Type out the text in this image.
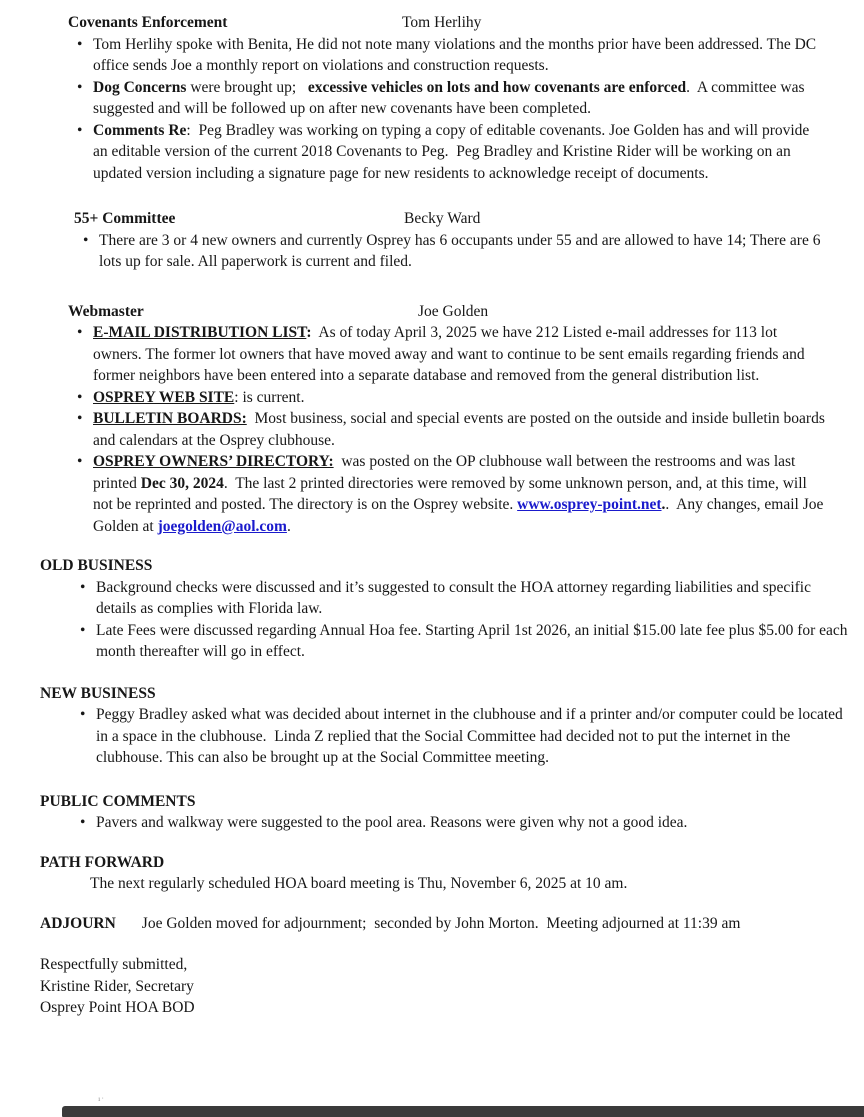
Covenants Enforcement	Tom Herlihy
• Tom Herlihy spoke with Benita, He did not note many violations and the months prior have been addressed. The DC office sends Joe a monthly report on violations and construction requests.
• Dog Concerns were brought up;   excessive vehicles on lots and how covenants are enforced.  A committee was suggested and will be followed up on after new covenants have been completed.
• Comments Re:  Peg Bradley was working on typing a copy of editable covenants. Joe Golden has and will provide an editable version of the current 2018 Covenants to Peg.  Peg Bradley and Kristine Rider will be working on an updated version including a signature page for new residents to acknowledge receipt of documents.
55+ Committee	Becky Ward
• There are 3 or 4 new owners and currently Osprey has 6 occupants under 55 and are allowed to have 14; There are 6 lots up for sale. All paperwork is current and filed.
Webmaster	Joe Golden
• E-MAIL DISTRIBUTION LIST:  As of today April 3, 2025 we have 212 Listed e-mail addresses for 113 lot owners. The former lot owners that have moved away and want to continue to be sent emails regarding friends and former neighbors have been entered into a separate database and removed from the general distribution list.
• OSPREY WEB SITE: is current.
• BULLETIN BOARDS:  Most business, social and special events are posted on the outside and inside bulletin boards and calendars at the Osprey clubhouse.
• OSPREY OWNERS’ DIRECTORY:  was posted on the OP clubhouse wall between the restrooms and was last printed Dec 30, 2024.  The last 2 printed directories were removed by some unknown person, and, at this time, will not be reprinted and posted. The directory is on the Osprey website. www.osprey-point.net..  Any changes, email Joe Golden at joegolden@aol.com.
OLD BUSINESS
• Background checks were discussed and it’s suggested to consult the HOA attorney regarding liabilities and specific details as complies with Florida law.
• Late Fees were discussed regarding Annual Hoa fee. Starting April 1st 2026, an initial $15.00 late fee plus $5.00 for each month thereafter will go in effect.
NEW BUSINESS
• Peggy Bradley asked what was decided about internet in the clubhouse and if a printer and/or computer could be located in a space in the clubhouse.  Linda Z replied that the Social Committee had decided not to put the internet in the clubhouse. This can also be brought up at the Social Committee meeting.
PUBLIC COMMENTS
• Pavers and walkway were suggested to the pool area. Reasons were given why not a good idea.
PATH FORWARD
The next regularly scheduled HOA board meeting is Thu, November 6, 2025 at 10 am.
ADJOURN Joe Golden moved for adjournment;  seconded by John Morton.  Meeting adjourned at 11:39 am
Respectfully submitted,
Kristine Rider, Secretary
Osprey Point HOA BOD
¹˙
